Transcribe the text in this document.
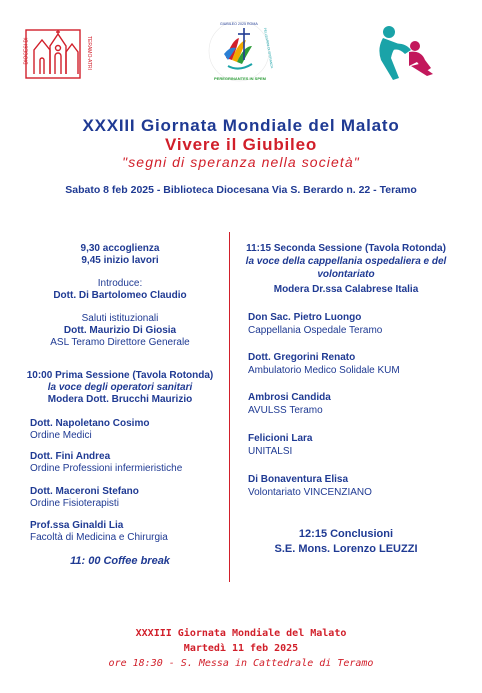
DIOCESI DI	TERAMO-ATRI
GIUBILEO 2025 ROMA
PELLEGRINI DI SPERANZA
PEREGRINANTES IN SPEM
XXXIII Giornata Mondiale del Malato
Vivere il Giubileo
"segni di speranza nella società"
Sabato 8 feb 2025 - Biblioteca Diocesana Via S. Berardo n. 22 - Teramo
9,30 accoglienza
9,45 inizio lavori
Introduce:
Dott. Di Bartolomeo Claudio
Saluti istituzionali
Dott. Maurizio Di Giosia
ASL Teramo Direttore Generale
10:00 Prima Sessione (Tavola Rotonda)
la voce degli operatori sanitari
Modera Dott. Brucchi Maurizio
Dott. Napoletano Cosimo
Ordine Medici
Dott. Fini Andrea
Ordine Professioni infermieristiche
Dott. Maceroni Stefano
Ordine Fisioterapisti
Prof.ssa Ginaldi Lia
Facoltà di Medicina e Chirurgia
11: 00 Coffee break
11:15 Seconda Sessione (Tavola Rotonda)
la voce della cappellania ospedaliera e del
volontariato
Modera Dr.ssa Calabrese Italia
Don Sac. Pietro Luongo
Cappellania Ospedale Teramo
Dott. Gregorini Renato
Ambulatorio Medico Solidale KUM
Ambrosi Candida
AVULSS Teramo
Felicioni Lara
UNITALSI
Di Bonaventura Elisa
Volontariato VINCENZIANO
12:15 Conclusioni
S.E. Mons. Lorenzo LEUZZI
XXXIII Giornata Mondiale del Malato
Martedì 11 feb 2025
ore 18:30 - S. Messa in Cattedrale di Teramo
